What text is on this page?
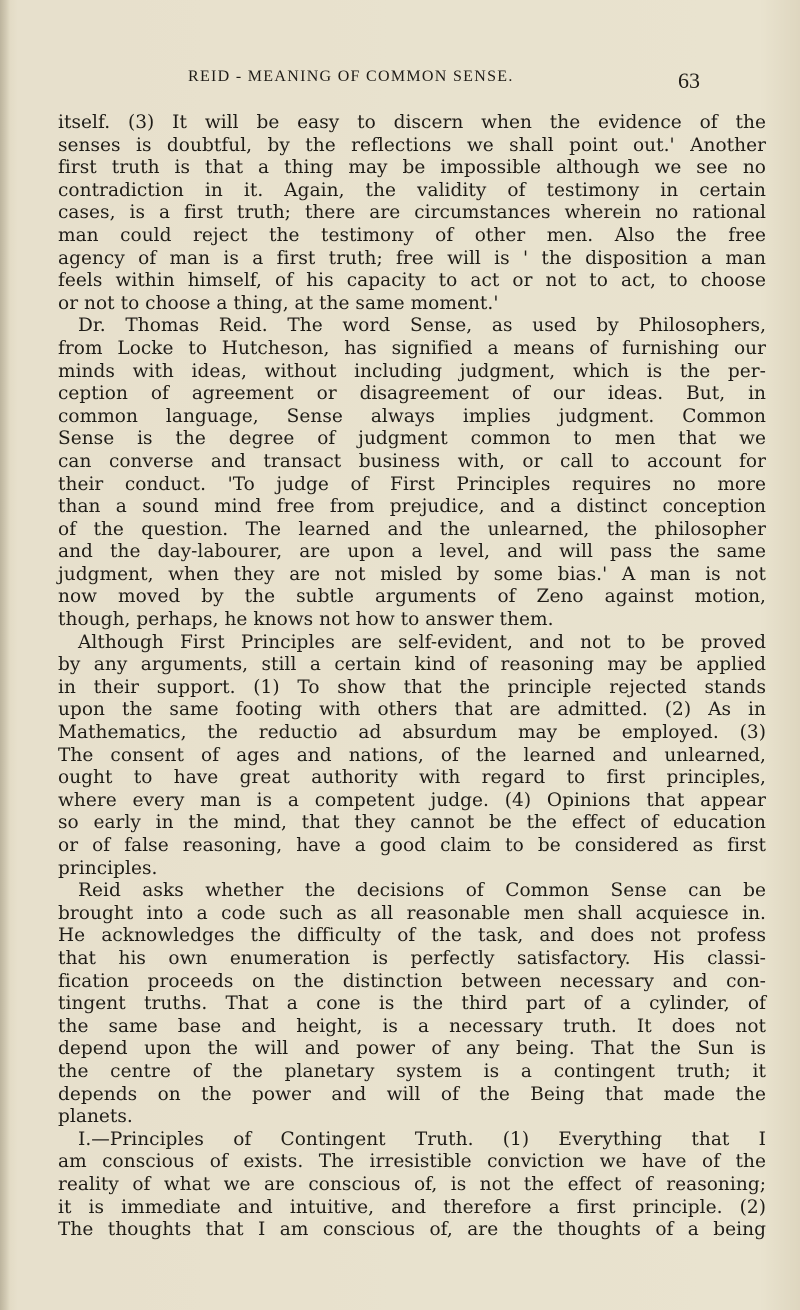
REID - MEANING OF COMMON SENSE.	63
itself. (3) It will be easy to discern when the evidence of the
senses is doubtful, by the reflections we shall point out.' Another
first truth is that a thing may be impossible although we see no
contradiction in it. Again, the validity of testimony in certain
cases, is a first truth; there are circumstances wherein no rational
man could reject the testimony of other men. Also the free
agency of man is a first truth; free will is ' the disposition a man
feels within himself, of his capacity to act or not to act, to choose
or not to choose a thing, at the same moment.'
Dr. Thomas Reid. The word Sense, as used by Philosophers,
from Locke to Hutcheson, has signified a means of furnishing our
minds with ideas, without including judgment, which is the per-
ception of agreement or disagreement of our ideas. But, in
common language, Sense always implies judgment. Common
Sense is the degree of judgment common to men that we
can converse and transact business with, or call to account for
their conduct. 'To judge of First Principles requires no more
than a sound mind free from prejudice, and a distinct conception
of the question. The learned and the unlearned, the philosopher
and the day-labourer, are upon a level, and will pass the same
judgment, when they are not misled by some bias.' A man is not
now moved by the subtle arguments of Zeno against motion,
though, perhaps, he knows not how to answer them.
Although First Principles are self-evident, and not to be proved
by any arguments, still a certain kind of reasoning may be applied
in their support. (1) To show that the principle rejected stands
upon the same footing with others that are admitted. (2) As in
Mathematics, the reductio ad absurdum may be employed. (3)
The consent of ages and nations, of the learned and unlearned,
ought to have great authority with regard to first principles,
where every man is a competent judge. (4) Opinions that appear
so early in the mind, that they cannot be the effect of education
or of false reasoning, have a good claim to be considered as first
principles.
Reid asks whether the decisions of Common Sense can be
brought into a code such as all reasonable men shall acquiesce in.
He acknowledges the difficulty of the task, and does not profess
that his own enumeration is perfectly satisfactory. His classi-
fication proceeds on the distinction between necessary and con-
tingent truths. That a cone is the third part of a cylinder, of
the same base and height, is a necessary truth. It does not
depend upon the will and power of any being. That the Sun is
the centre of the planetary system is a contingent truth; it
depends on the power and will of the Being that made the
planets.
I.—Principles of Contingent Truth. (1) Everything that I
am conscious of exists. The irresistible conviction we have of the
reality of what we are conscious of, is not the effect of reasoning;
it is immediate and intuitive, and therefore a first principle. (2)
The thoughts that I am conscious of, are the thoughts of a being
